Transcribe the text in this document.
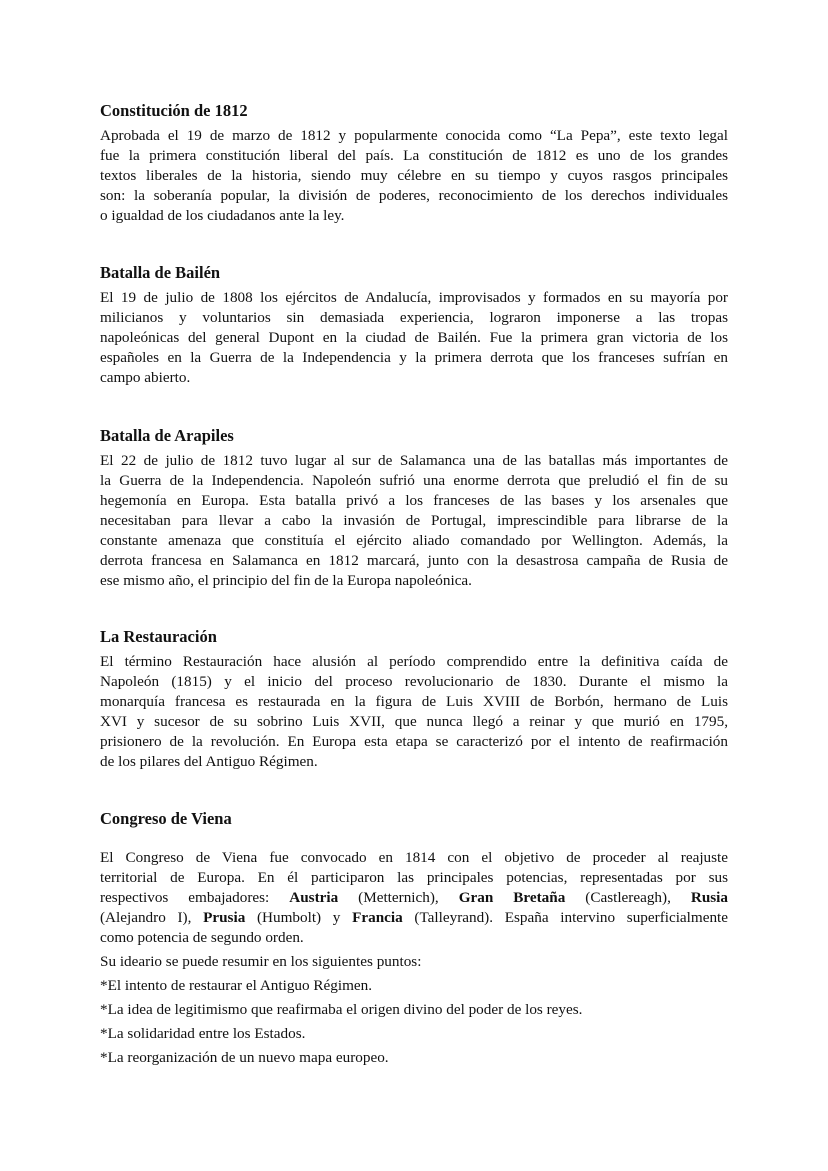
Constitución de 1812
Aprobada el 19 de marzo de 1812 y popularmente conocida como “La Pepa”, este texto legal
fue la primera constitución liberal del país. La constitución de 1812 es uno de los grandes
textos liberales de la historia, siendo muy célebre en su tiempo y cuyos rasgos principales
son: la soberanía popular, la división de poderes, reconocimiento de los derechos individuales
o igualdad de los ciudadanos ante la ley.
Batalla de Bailén
El 19 de julio de 1808 los ejércitos de Andalucía, improvisados y formados en su mayoría por
milicianos y voluntarios sin demasiada experiencia, lograron imponerse a las tropas
napoleónicas del general Dupont en la ciudad de Bailén. Fue la primera gran victoria de los
españoles en la Guerra de la Independencia y la primera derrota que los franceses sufrían en
campo abierto.
Batalla de Arapiles
El 22 de julio de 1812 tuvo lugar al sur de Salamanca una de las batallas más importantes de
la Guerra de la Independencia. Napoleón sufrió una enorme derrota que preludió el fin de su
hegemonía en Europa. Esta batalla privó a los franceses de las bases y los arsenales que
necesitaban para llevar a cabo la invasión de Portugal, imprescindible para librarse de la
constante amenaza que constituía el ejército aliado comandado por Wellington. Además, la
derrota francesa en Salamanca en 1812 marcará, junto con la desastrosa campaña de Rusia de
ese mismo año, el principio del fin de la Europa napoleónica.
La Restauración
El término Restauración hace alusión al período comprendido entre la definitiva caída de
Napoleón (1815) y el inicio del proceso revolucionario de 1830. Durante el mismo la
monarquía francesa es restaurada en la figura de Luis XVIII de Borbón, hermano de Luis
XVI y sucesor de su sobrino Luis XVII, que nunca llegó a reinar y que murió en 1795,
prisionero de la revolución. En Europa esta etapa se caracterizó por el intento de reafirmación
de los pilares del Antiguo Régimen.
Congreso de Viena
El Congreso de Viena fue convocado en 1814 con el objetivo de proceder al reajuste
territorial de Europa. En él participaron las principales potencias, representadas por sus
respectivos embajadores: Austria (Metternich), Gran Bretaña (Castlereagh), Rusia
(Alejandro I), Prusia (Humbolt) y Francia (Talleyrand). España intervino superficialmente
como potencia de segundo orden.

Su ideario se puede resumir en los siguientes puntos:

*El intento de restaurar el Antiguo Régimen.

*La idea de legitimismo que reafirmaba el origen divino del poder de los reyes.

*La solidaridad entre los Estados.

*La reorganización de un nuevo mapa europeo.
